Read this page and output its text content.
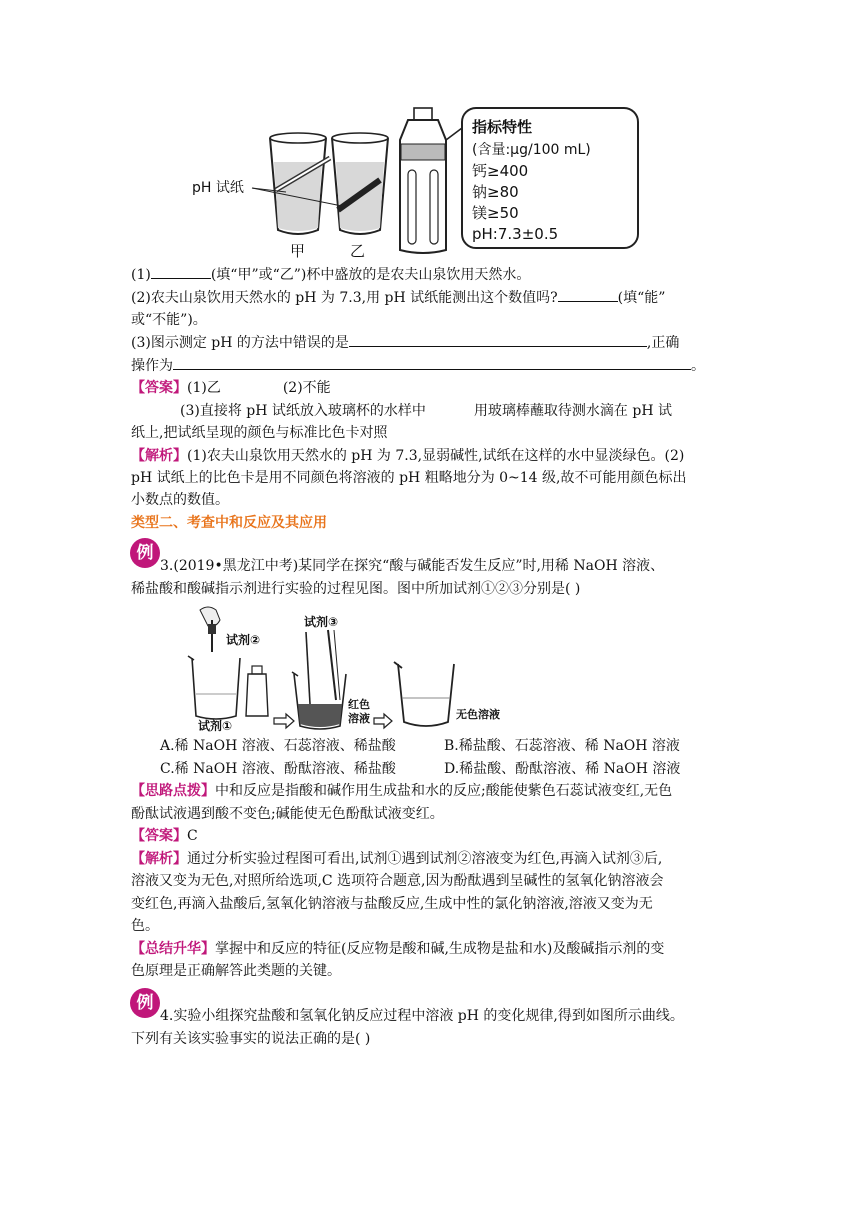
pH 试纸
甲	乙
指标特性
(含量:μg/100 mL)
钙≥400
钠≥80
镁≥50
pH:7.3±0.5
(1)	(填“甲”或“乙”)杯中盛放的是农夫山泉饮用天然水。
(2)农夫山泉饮用天然水的 pH 为 7.3,用 pH 试纸能测出这个数值吗?	(填“能”
或“不能”)。
(3)图示测定 pH 的方法中错误的是	,正确
操作为	。
【答案】(1)乙	(2)不能
(3)直接将 pH 试纸放入玻璃杯的水样中	用玻璃棒蘸取待测水滴在 pH 试
纸上,把试纸呈现的颜色与标准比色卡对照
【解析】(1)农夫山泉饮用天然水的 pH 为 7.3,显弱碱性,试纸在这样的水中显淡绿色。(2)
pH 试纸上的比色卡是用不同颜色将溶液的 pH 粗略地分为 0~14 级,故不可能用颜色标出
小数点的数值。
类型二、考查中和反应及其应用
例
3.(2019•黑龙江中考)某同学在探究“酸与碱能否发生反应”时,用稀 NaOH 溶液、
稀盐酸和酸碱指示剂进行实验的过程见图。图中所加试剂①②③分别是( )
试剂②
试剂①
试剂③
红色
溶液	无色溶液
A.稀 NaOH 溶液、石蕊溶液、稀盐酸	B.稀盐酸、石蕊溶液、稀 NaOH 溶液
C.稀 NaOH 溶液、酚酞溶液、稀盐酸	D.稀盐酸、酚酞溶液、稀 NaOH 溶液
【思路点拨】中和反应是指酸和碱作用生成盐和水的反应;酸能使紫色石蕊试液变红,无色
酚酞试液遇到酸不变色;碱能使无色酚酞试液变红。
【答案】C
【解析】通过分析实验过程图可看出,试剂①遇到试剂②溶液变为红色,再滴入试剂③后,
溶液又变为无色,对照所给选项,C 选项符合题意,因为酚酞遇到呈碱性的氢氧化钠溶液会
变红色,再滴入盐酸后,氢氧化钠溶液与盐酸反应,生成中性的氯化钠溶液,溶液又变为无
色。
【总结升华】掌握中和反应的特征(反应物是酸和碱,生成物是盐和水)及酸碱指示剂的变
色原理是正确解答此类题的关键。
例
4.实验小组探究盐酸和氢氧化钠反应过程中溶液 pH 的变化规律,得到如图所示曲线。
下列有关该实验事实的说法正确的是( )
